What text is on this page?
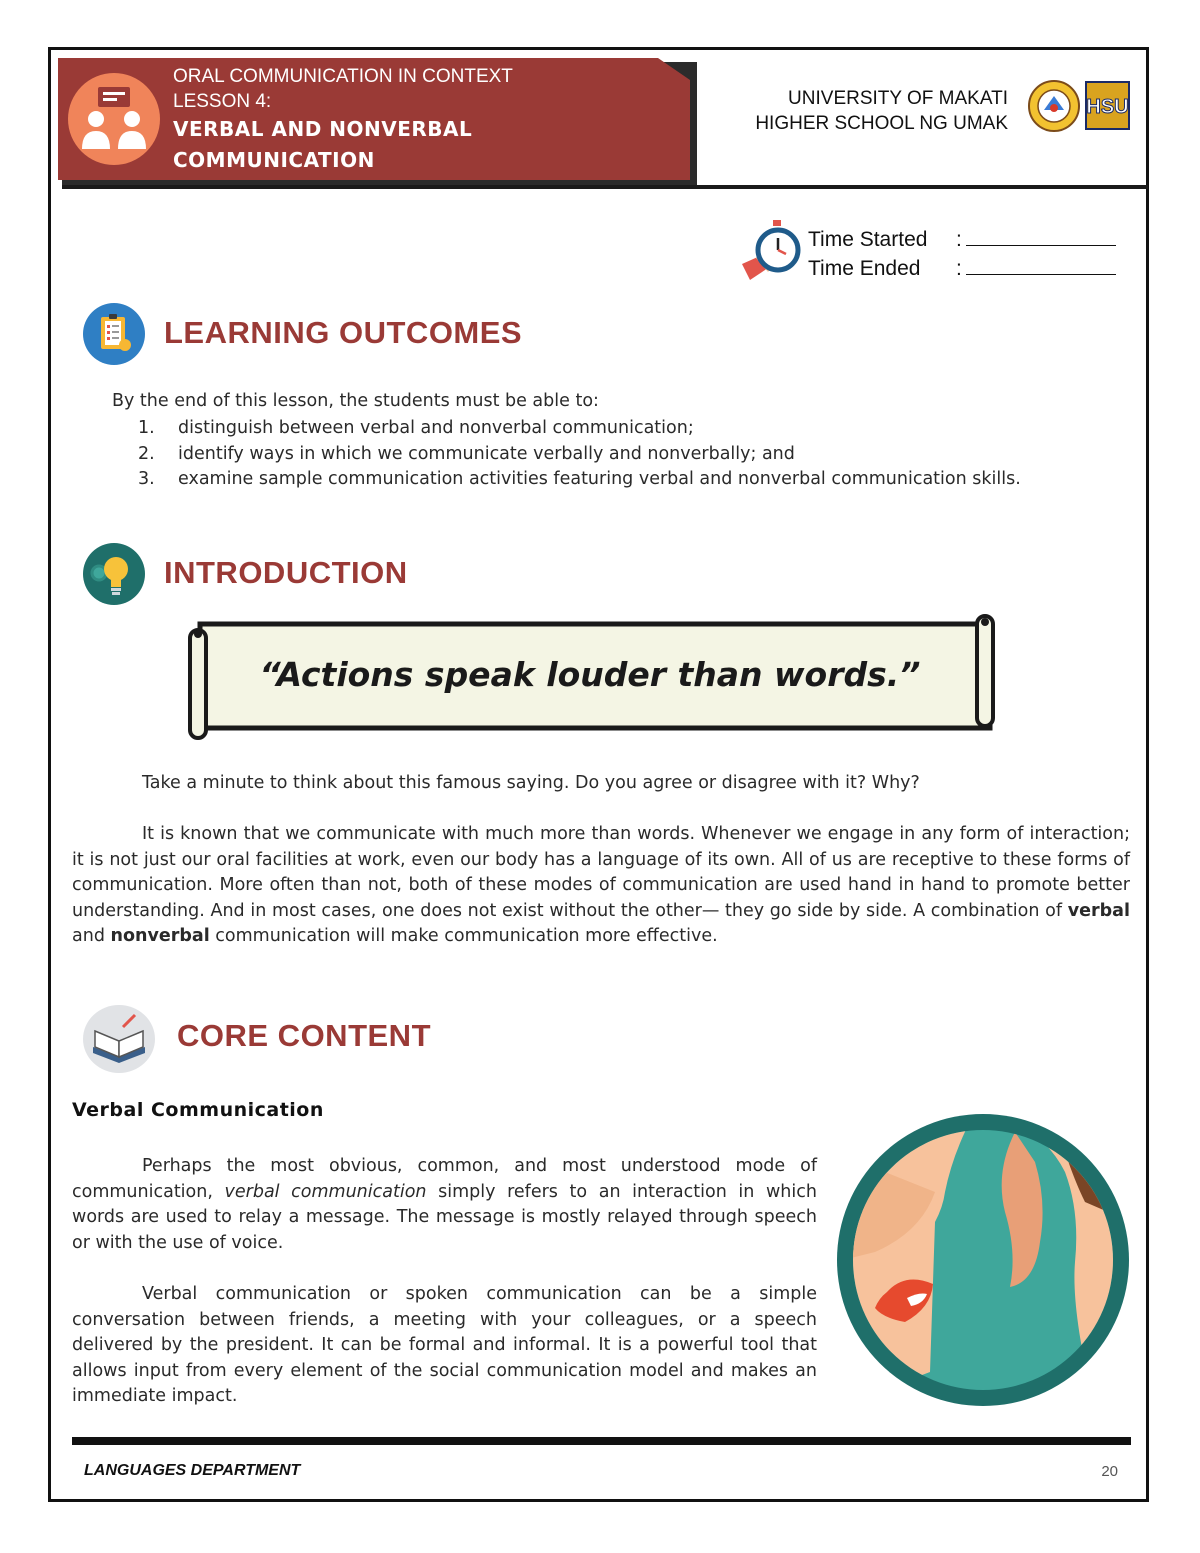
ORAL COMMUNICATION IN CONTEXT
LESSON 4:
VERBAL AND NONVERBAL
COMMUNICATION
UNIVERSITY OF MAKATI
HIGHER SCHOOL NG UMAK
HSU
Time Started :
Time Ended :
LEARNING OUTCOMES
By the end of this lesson, the students must be able to:
1. distinguish between verbal and nonverbal communication;
2. identify ways in which we communicate verbally and nonverbally; and
3. examine sample communication activities featuring verbal and nonverbal communication skills.
INTRODUCTION
“Actions speak louder than words.”
Take a minute to think about this famous saying. Do you agree or disagree with it? Why?
It is known that we communicate with much more than words. Whenever we engage in any form of interaction; it is not just our oral facilities at work, even our body has a language of its own. All of us are receptive to these forms of communication. More often than not, both of these modes of communication are used hand in hand to promote better understanding. And in most cases, one does not exist without the other— they go side by side. A combination of verbal and nonverbal communication will make communication more effective.
CORE CONTENT
Verbal Communication
Perhaps the most obvious, common, and most understood mode of communication, verbal communication simply refers to an interaction in which words are used to relay a message. The message is mostly relayed through speech or with the use of voice.
Verbal communication or spoken communication can be a simple conversation between friends, a meeting with your colleagues, or a speech delivered by the president. It can be formal and informal. It is a powerful tool that allows input from every element of the social communication model and makes an immediate impact.
LANGUAGES DEPARTMENT	20
